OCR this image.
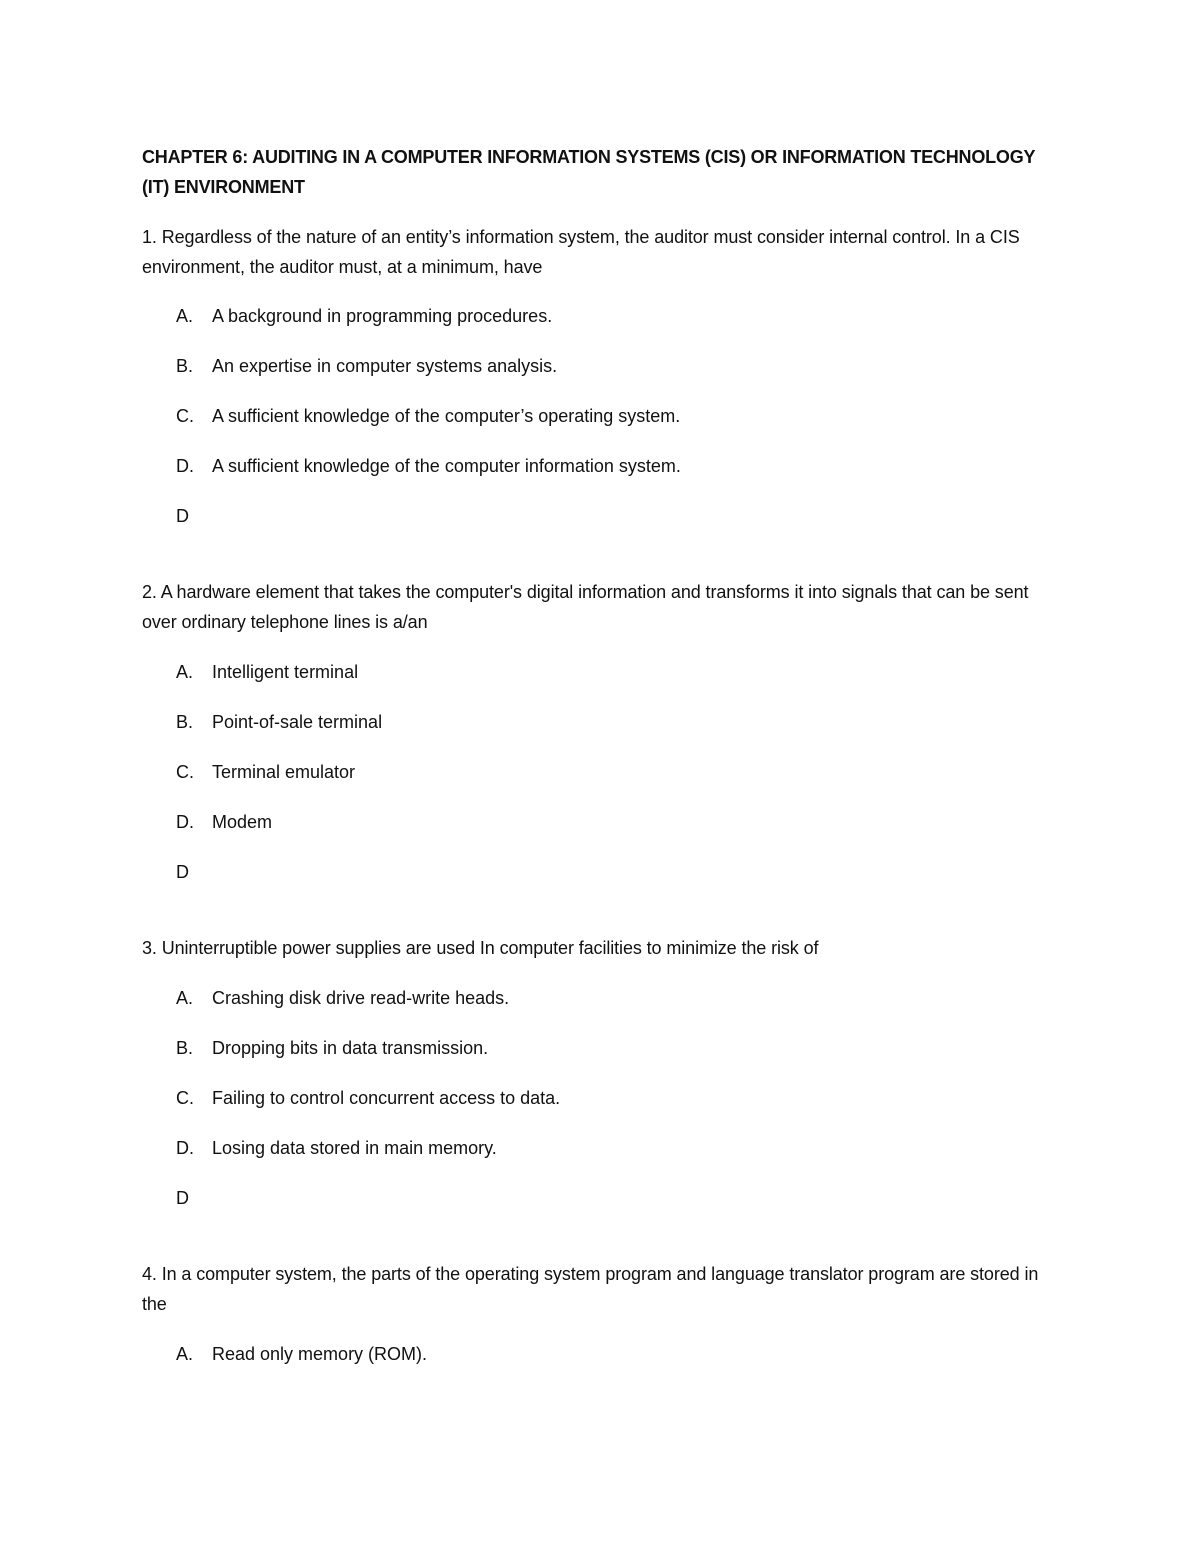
CHAPTER 6: AUDITING IN A COMPUTER INFORMATION SYSTEMS (CIS) OR INFORMATION TECHNOLOGY (IT) ENVIRONMENT
1. Regardless of the nature of an entity’s information system, the auditor must consider internal control. In a CIS environment, the auditor must, at a minimum, have
A. A background in programming procedures.
B. An expertise in computer systems analysis.
C. A sufficient knowledge of the computer’s operating system.
D. A sufficient knowledge of the computer information system.
D
2. A hardware element that takes the computer's digital information and transforms it into signals that can be sent over ordinary telephone lines is a/an
A. Intelligent terminal
B. Point-of-sale terminal
C. Terminal emulator
D. Modem
D
3. Uninterruptible power supplies are used In computer facilities to minimize the risk of
A. Crashing disk drive read-write heads.
B. Dropping bits in data transmission.
C. Failing to control concurrent access to data.
D. Losing data stored in main memory.
D
4. In a computer system, the parts of the operating system program and language translator program are stored in the
A. Read only memory (ROM).
